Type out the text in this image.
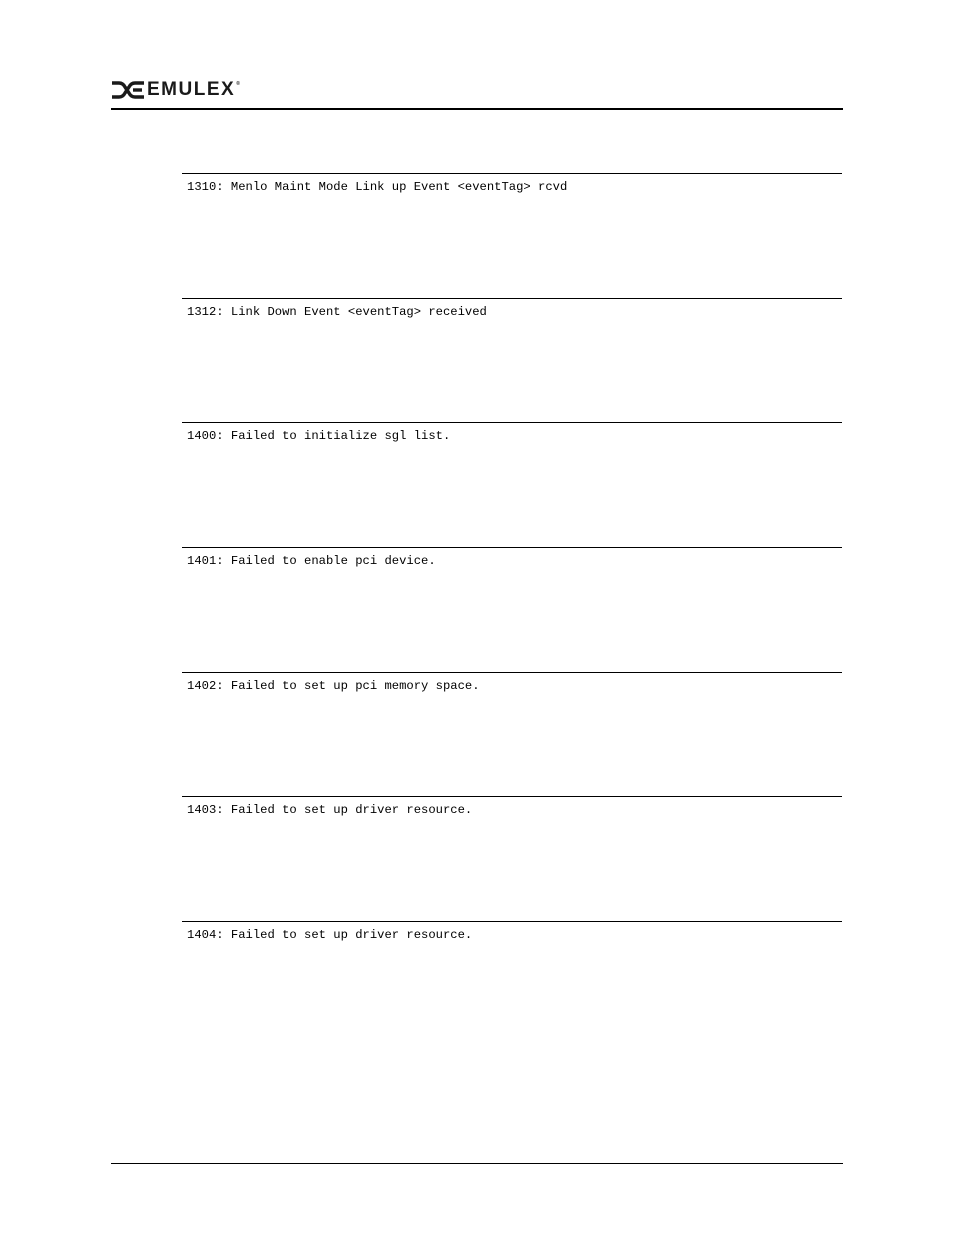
EMULEX®
1310: Menlo Maint Mode Link up Event <eventTag> rcvd
1312: Link Down Event <eventTag> received
1400: Failed to initialize sgl list.
1401: Failed to enable pci device.
1402: Failed to set up pci memory space.
1403: Failed to set up driver resource.
1404: Failed to set up driver resource.
